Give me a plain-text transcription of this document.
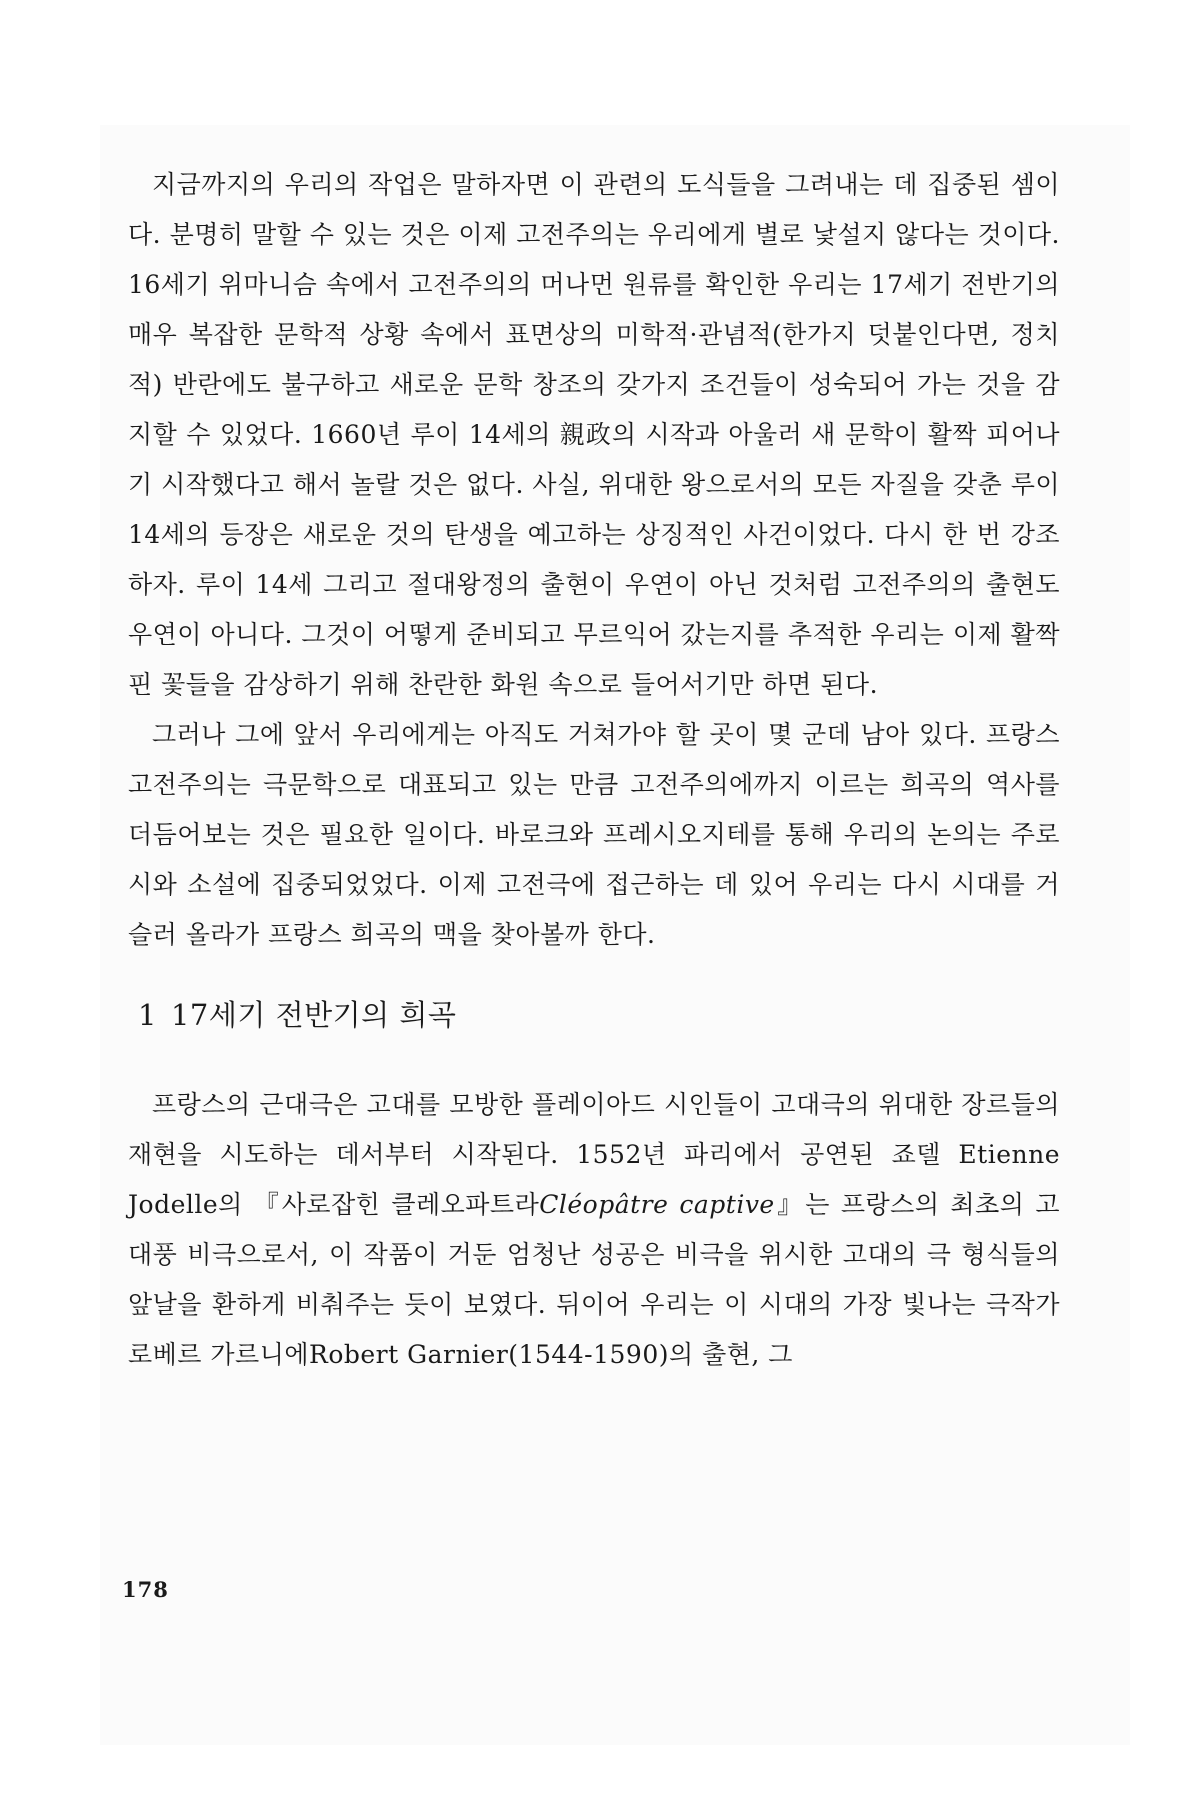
지금까지의 우리의 작업은 말하자면 이 관련의 도식들을 그려내는 데 집중된 셈이다. 분명히 말할 수 있는 것은 이제 고전주의는 우리에게 별로 낯설지 않다는 것이다. 16세기 위마니슴 속에서 고전주의의 머나먼 원류를 확인한 우리는 17세기 전반기의 매우 복잡한 문학적 상황 속에서 표면상의 미학적·관념적(한가지 덧붙인다면, 정치적) 반란에도 불구하고 새로운 문학 창조의 갖가지 조건들이 성숙되어 가는 것을 감지할 수 있었다. 1660년 루이 14세의 親政의 시작과 아울러 새 문학이 활짝 피어나기 시작했다고 해서 놀랄 것은 없다. 사실, 위대한 왕으로서의 모든 자질을 갖춘 루이 14세의 등장은 새로운 것의 탄생을 예고하는 상징적인 사건이었다. 다시 한 번 강조하자. 루이 14세 그리고 절대왕정의 출현이 우연이 아닌 것처럼 고전주의의 출현도 우연이 아니다. 그것이 어떻게 준비되고 무르익어 갔는지를 추적한 우리는 이제 활짝 핀 꽃들을 감상하기 위해 찬란한 화원 속으로 들어서기만 하면 된다.

그러나 그에 앞서 우리에게는 아직도 거쳐가야 할 곳이 몇 군데 남아 있다. 프랑스 고전주의는 극문학으로 대표되고 있는 만큼 고전주의에까지 이르는 희곡의 역사를 더듬어보는 것은 필요한 일이다. 바로크와 프레시오지테를 통해 우리의 논의는 주로 시와 소설에 집중되었었다. 이제 고전극에 접근하는 데 있어 우리는 다시 시대를 거슬러 올라가 프랑스 희곡의 맥을 찾아볼까 한다.

1 17세기 전반기의 희곡

프랑스의 근대극은 고대를 모방한 플레이아드 시인들이 고대극의 위대한 장르들의 재현을 시도하는 데서부터 시작된다. 1552년 파리에서 공연된 죠델 Etienne Jodelle의 『사로잡힌 클레오파트라Cléopâtre captive』는 프랑스의 최초의 고대풍 비극으로서, 이 작품이 거둔 엄청난 성공은 비극을 위시한 고대의 극 형식들의 앞날을 환하게 비춰주는 듯이 보였다. 뒤이어 우리는 이 시대의 가장 빛나는 극작가 로베르 가르니에Robert Garnier(1544-1590)의 출현, 그

178
